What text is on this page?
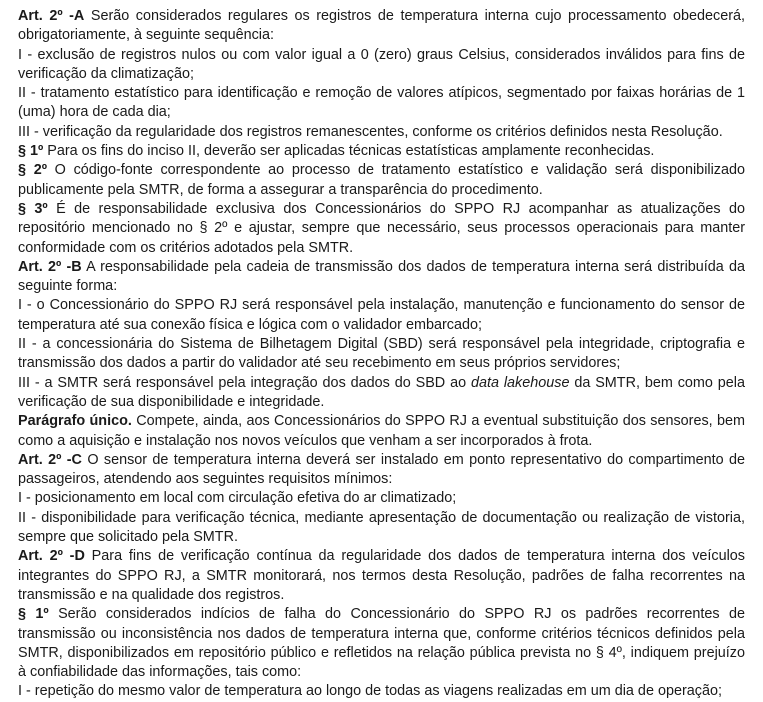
Art. 2º -A Serão considerados regulares os registros de temperatura interna cujo processamento obedecerá, obrigatoriamente, à seguinte sequência:

I - exclusão de registros nulos ou com valor igual a 0 (zero) graus Celsius, considerados inválidos para fins de verificação da climatização;

II - tratamento estatístico para identificação e remoção de valores atípicos, segmentado por faixas horárias de 1 (uma) hora de cada dia;

III - verificação da regularidade dos registros remanescentes, conforme os critérios definidos nesta Resolução.

§ 1º Para os fins do inciso II, deverão ser aplicadas técnicas estatísticas amplamente reconhecidas.

§ 2º O código-fonte correspondente ao processo de tratamento estatístico e validação será disponibilizado publicamente pela SMTR, de forma a assegurar a transparência do procedimento.

§ 3º É de responsabilidade exclusiva dos Concessionários do SPPO RJ acompanhar as atualizações do repositório mencionado no § 2º e ajustar, sempre que necessário, seus processos operacionais para manter conformidade com os critérios adotados pela SMTR.

Art. 2º -B A responsabilidade pela cadeia de transmissão dos dados de temperatura interna será distribuída da seguinte forma:

I - o Concessionário do SPPO RJ será responsável pela instalação, manutenção e funcionamento do sensor de temperatura até sua conexão física e lógica com o validador embarcado;

II - a concessionária do Sistema de Bilhetagem Digital (SBD) será responsável pela integridade, criptografia e transmissão dos dados a partir do validador até seu recebimento em seus próprios servidores;

III - a SMTR será responsável pela integração dos dados do SBD ao data lakehouse da SMTR, bem como pela verificação de sua disponibilidade e integridade.

Parágrafo único. Compete, ainda, aos Concessionários do SPPO RJ a eventual substituição dos sensores, bem como a aquisição e instalação nos novos veículos que venham a ser incorporados à frota.

Art. 2º -C O sensor de temperatura interna deverá ser instalado em ponto representativo do compartimento de passageiros, atendendo aos seguintes requisitos mínimos:

I - posicionamento em local com circulação efetiva do ar climatizado;

II - disponibilidade para verificação técnica, mediante apresentação de documentação ou realização de vistoria, sempre que solicitado pela SMTR.

Art. 2º -D Para fins de verificação contínua da regularidade dos dados de temperatura interna dos veículos integrantes do SPPO RJ, a SMTR monitorará, nos termos desta Resolução, padrões de falha recorrentes na transmissão e na qualidade dos registros.

§ 1º Serão considerados indícios de falha do Concessionário do SPPO RJ os padrões recorrentes de transmissão ou inconsistência nos dados de temperatura interna que, conforme critérios técnicos definidos pela SMTR, disponibilizados em repositório público e refletidos na relação pública prevista no § 4º, indiquem prejuízo à confiabilidade das informações, tais como:

I - repetição do mesmo valor de temperatura ao longo de todas as viagens realizadas em um dia de operação;
